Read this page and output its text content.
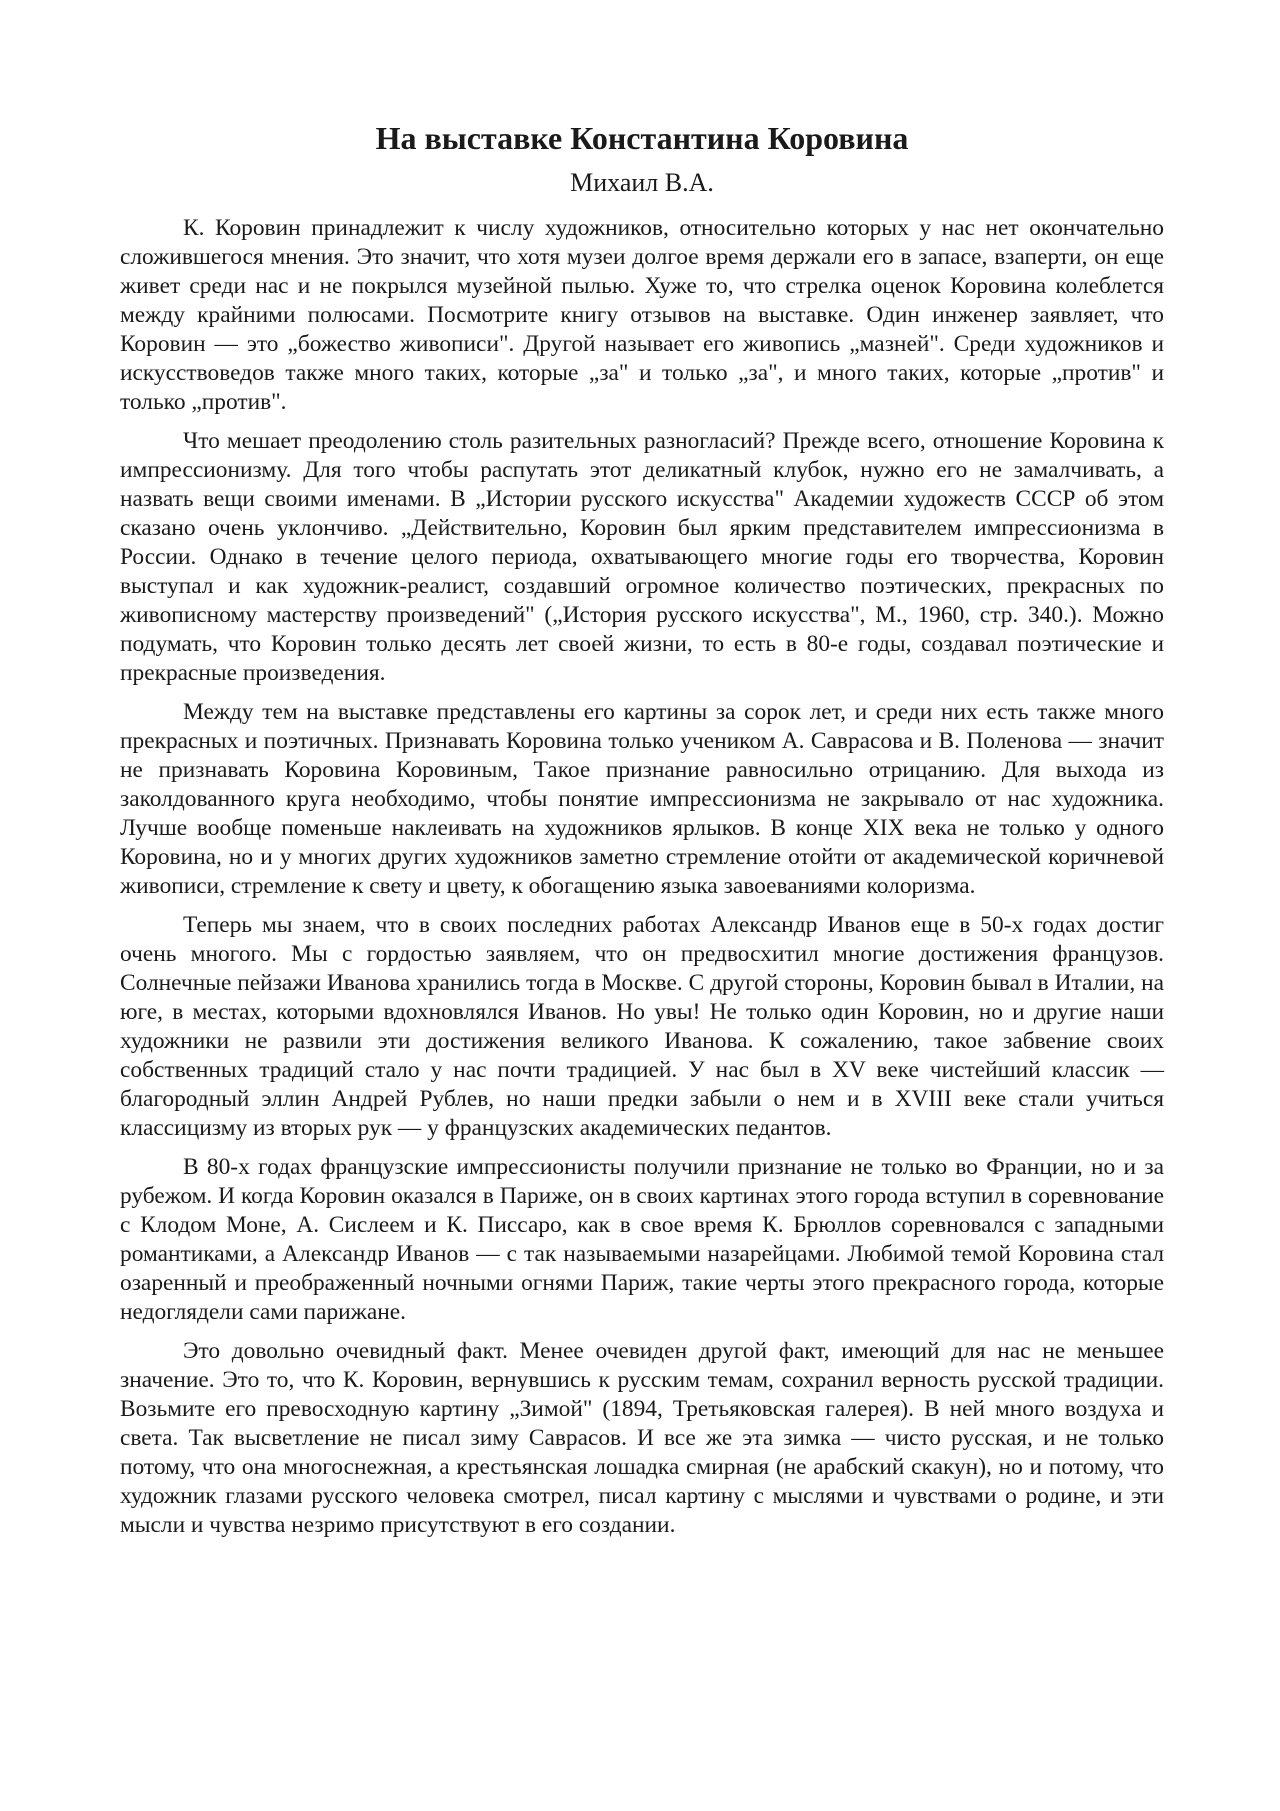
На выставке Константина Коровина
Михаил В.А.

К. Коровин принадлежит к числу художников, относительно которых у нас нет окончательно сложившегося мнения. Это значит, что хотя музеи долгое время держали его в запасе, взаперти, он еще живет среди нас и не покрылся музейной пылью. Хуже то, что стрелка оценок Коровина колеблется между крайними полюсами. Посмотрите книгу отзывов на выставке. Один инженер заявляет, что Коровин — это „божество живописи". Другой называет его живопись „мазней". Среди художников и искусствоведов также много таких, которые „за" и только „за", и много таких, которые „против" и только „против".

Что мешает преодолению столь разительных разногласий? Прежде всего, отношение Коровина к импрессионизму. Для того чтобы распутать этот деликатный клубок, нужно его не замалчивать, а назвать вещи своими именами. В „Истории русского искусства" Академии художеств СССР об этом сказано очень уклончиво. „Действительно, Коровин был ярким представителем импрессионизма в России. Однако в течение целого периода, охватывающего многие годы его творчества, Коровин выступал и как художник-реалист, создавший огромное количество поэтических, прекрасных по живописному мастерству произведений" („История русского искусства", М., 1960, стр. 340.). Можно подумать, что Коровин только десять лет своей жизни, то есть в 80-е годы, создавал поэтические и прекрасные произведения.

Между тем на выставке представлены его картины за сорок лет, и среди них есть также много прекрасных и поэтичных. Признавать Коровина только учеником А. Саврасова и В. Поленова — значит не признавать Коровина Коровиным, Такое признание равносильно отрицанию. Для выхода из заколдованного круга необходимо, чтобы понятие импрессионизма не закрывало от нас художника. Лучше вообще поменьше наклеивать на художников ярлыков. В конце XIX века не только у одного Коровина, но и у многих других художников заметно стремление отойти от академической коричневой живописи, стремление к свету и цвету, к обогащению языка завоеваниями колоризма.

Теперь мы знаем, что в своих последних работах Александр Иванов еще в 50-х годах достиг очень многого. Мы с гордостью заявляем, что он предвосхитил многие достижения французов. Солнечные пейзажи Иванова хранились тогда в Москве. С другой стороны, Коровин бывал в Италии, на юге, в местах, которыми вдохновлялся Иванов. Но увы! Не только один Коровин, но и другие наши художники не развили эти достижения великого Иванова. К сожалению, такое забвение своих собственных традиций стало у нас почти традицией. У нас был в XV веке чистейший классик — благородный эллин Андрей Рублев, но наши предки забыли о нем и в XVIII веке стали учиться классицизму из вторых рук — у французских академических педантов.

В 80-х годах французские импрессионисты получили признание не только во Франции, но и за рубежом. И когда Коровин оказался в Париже, он в своих картинах этого города вступил в соревнование с Клодом Моне, А. Сислеем и К. Писсаро, как в свое время К. Брюллов соревновался с западными романтиками, а Александр Иванов — с так называемыми назарейцами. Любимой темой Коровина стал озаренный и преображенный ночными огнями Париж, такие черты этого прекрасного города, которые недоглядели сами парижане.

Это довольно очевидный факт. Менее очевиден другой факт, имеющий для нас не меньшее значение. Это то, что К. Коровин, вернувшись к русским темам, сохранил верность русской традиции. Возьмите его превосходную картину „Зимой" (1894, Третьяковская галерея). В ней много воздуха и света. Так высветление не писал зиму Саврасов. И все же эта зимка — чисто русская, и не только потому, что она многоснежная, а крестьянская лошадка смирная (не арабский скакун), но и потому, что художник глазами русского человека смотрел, писал картину с мыслями и чувствами о родине, и эти мысли и чувства незримо присутствуют в его создании.
